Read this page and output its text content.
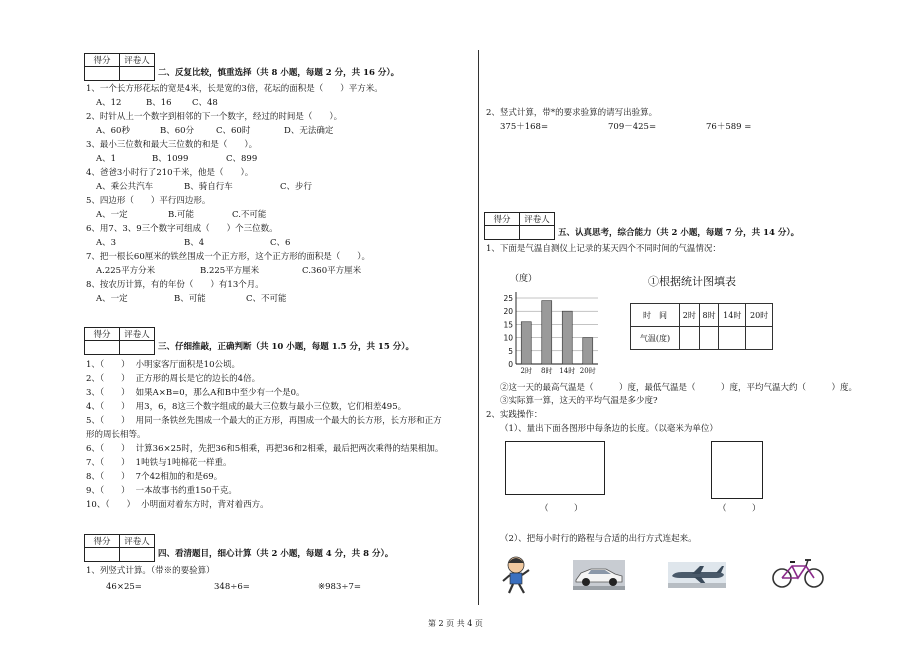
得分	评卷人

二、反复比较，慎重选择（共 8 小题，每题 2 分，共 16 分）。
1、一个长方形花坛的宽是4米，长是宽的3倍，花坛的面积是（　　）平方米。
A、12	B、16 C、48
2、时针从上一个数字到相邻的下一个数字，经过的时间是（　　）。
A、60秒	B、60分	C、60时	D、无法确定
3、最小三位数和最大三位数的和是（　　）。
A、1	B、1099	C、899
4、爸爸3小时行了210千米，他是（　　）。
A、乘公共汽车	B、骑自行车	C、步行
5、四边形（　　）平行四边形。
A、一定	B.可能	C.不可能
6、用7、3、9三个数字可组成（　　）个三位数。
A、3	B、4	C、6
7、把一根长60厘米的铁丝围成一个正方形，这个正方形的面积是（　　）。
A.225平方分米	B.225平方厘米	C.360平方厘米
8、按农历计算，有的年份（　　）有13个月。
A、一定	B、可能	C、不可能
得分	评卷人

三、仔细推敲，正确判断（共 10 小题，每题 1.5 分，共 15 分）。
1、（　　） 小明家客厅面积是10公顷。
2、（　　） 正方形的周长是它的边长的4倍。
3、（　　） 如果A×B=0，那么A和B中至少有一个是0。
4、（　　） 用3，6，8这三个数字组成的最大三位数与最小三位数，它们相差495。
5、（　　） 用同一条铁丝先围成一个最大的正方形，再围成一个最大的长方形，长方形和正方
形的周长相等。
6、（　　） 计算36×25时，先把36和5相乘，再把36和2相乘，最后把两次乘得的结果相加。
7、（　　） 1吨铁与1吨棉花一样重。
8、（　　） 7个42相加的和是69。
9、（　　） 一本故事书约重150千克。
10、（　　） 小明面对着东方时，背对着西方。
得分	评卷人

四、看清题目，细心计算（共 2 小题，每题 4 分，共 8 分）。
1、列竖式计算。（带※的要验算）
46×25=	348÷6=	※983÷7=
2、竖式计算，带*的要求验算的请写出验算。
375＋168=	709－425=	76＋589 =
得分	评卷人

五、认真思考，综合能力（共 2 小题，每题 7 分，共 14 分）。
1、下面是气温自测仪上记录的某天四个不同时间的气温情况：
0
5
10
15
20
25
（度）
2时 8时 14时 20时
①根据统计图填表
时　间	2时	8时	14时	20时
气温(度)				
②这一天的最高气温是（　　　）度，最低气温是（　　　）度，平均气温大约（　　　）度。
③实际算一算，这天的平均气温是多少度?
2、实践操作：
（1）、量出下面各图形中每条边的长度。（以毫米为单位）
（　　　）	（　　　）
（2）、把每小时行的路程与合适的出行方式连起来。
第 2 页 共 4 页
